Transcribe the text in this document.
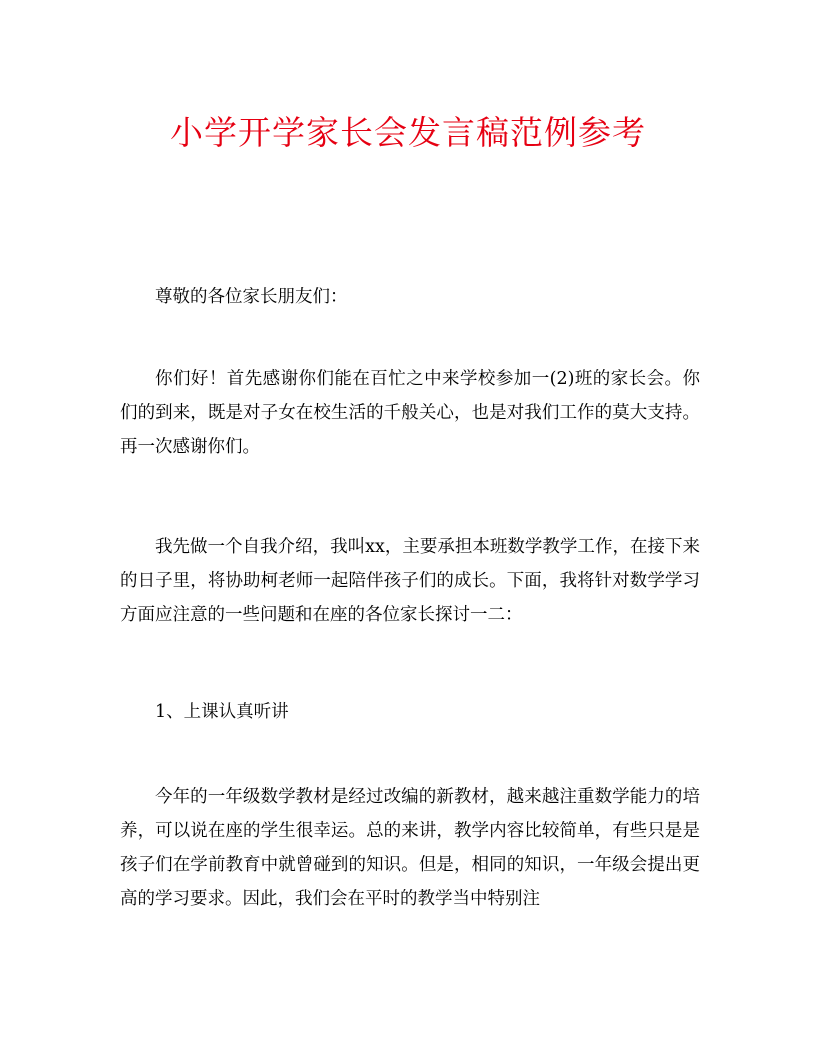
小学开学家长会发言稿范例参考

尊敬的各位家长朋友们：

你们好！首先感谢你们能在百忙之中来学校参加一(2)班的家长会。你们的到来，既是对子女在校生活的千般关心，也是对我们工作的莫大支持。再一次感谢你们。

我先做一个自我介绍，我叫xx，主要承担本班数学教学工作，在接下来的日子里，将协助柯老师一起陪伴孩子们的成长。下面，我将针对数学学习方面应注意的一些问题和在座的各位家长探讨一二：

1、上课认真听讲

今年的一年级数学教材是经过改编的新教材，越来越注重数学能力的培养，可以说在座的学生很幸运。总的来讲，教学内容比较简单，有些只是是孩子们在学前教育中就曾碰到的知识。但是，相同的知识，一年级会提出更高的学习要求。因此，我们会在平时的教学当中特别注
